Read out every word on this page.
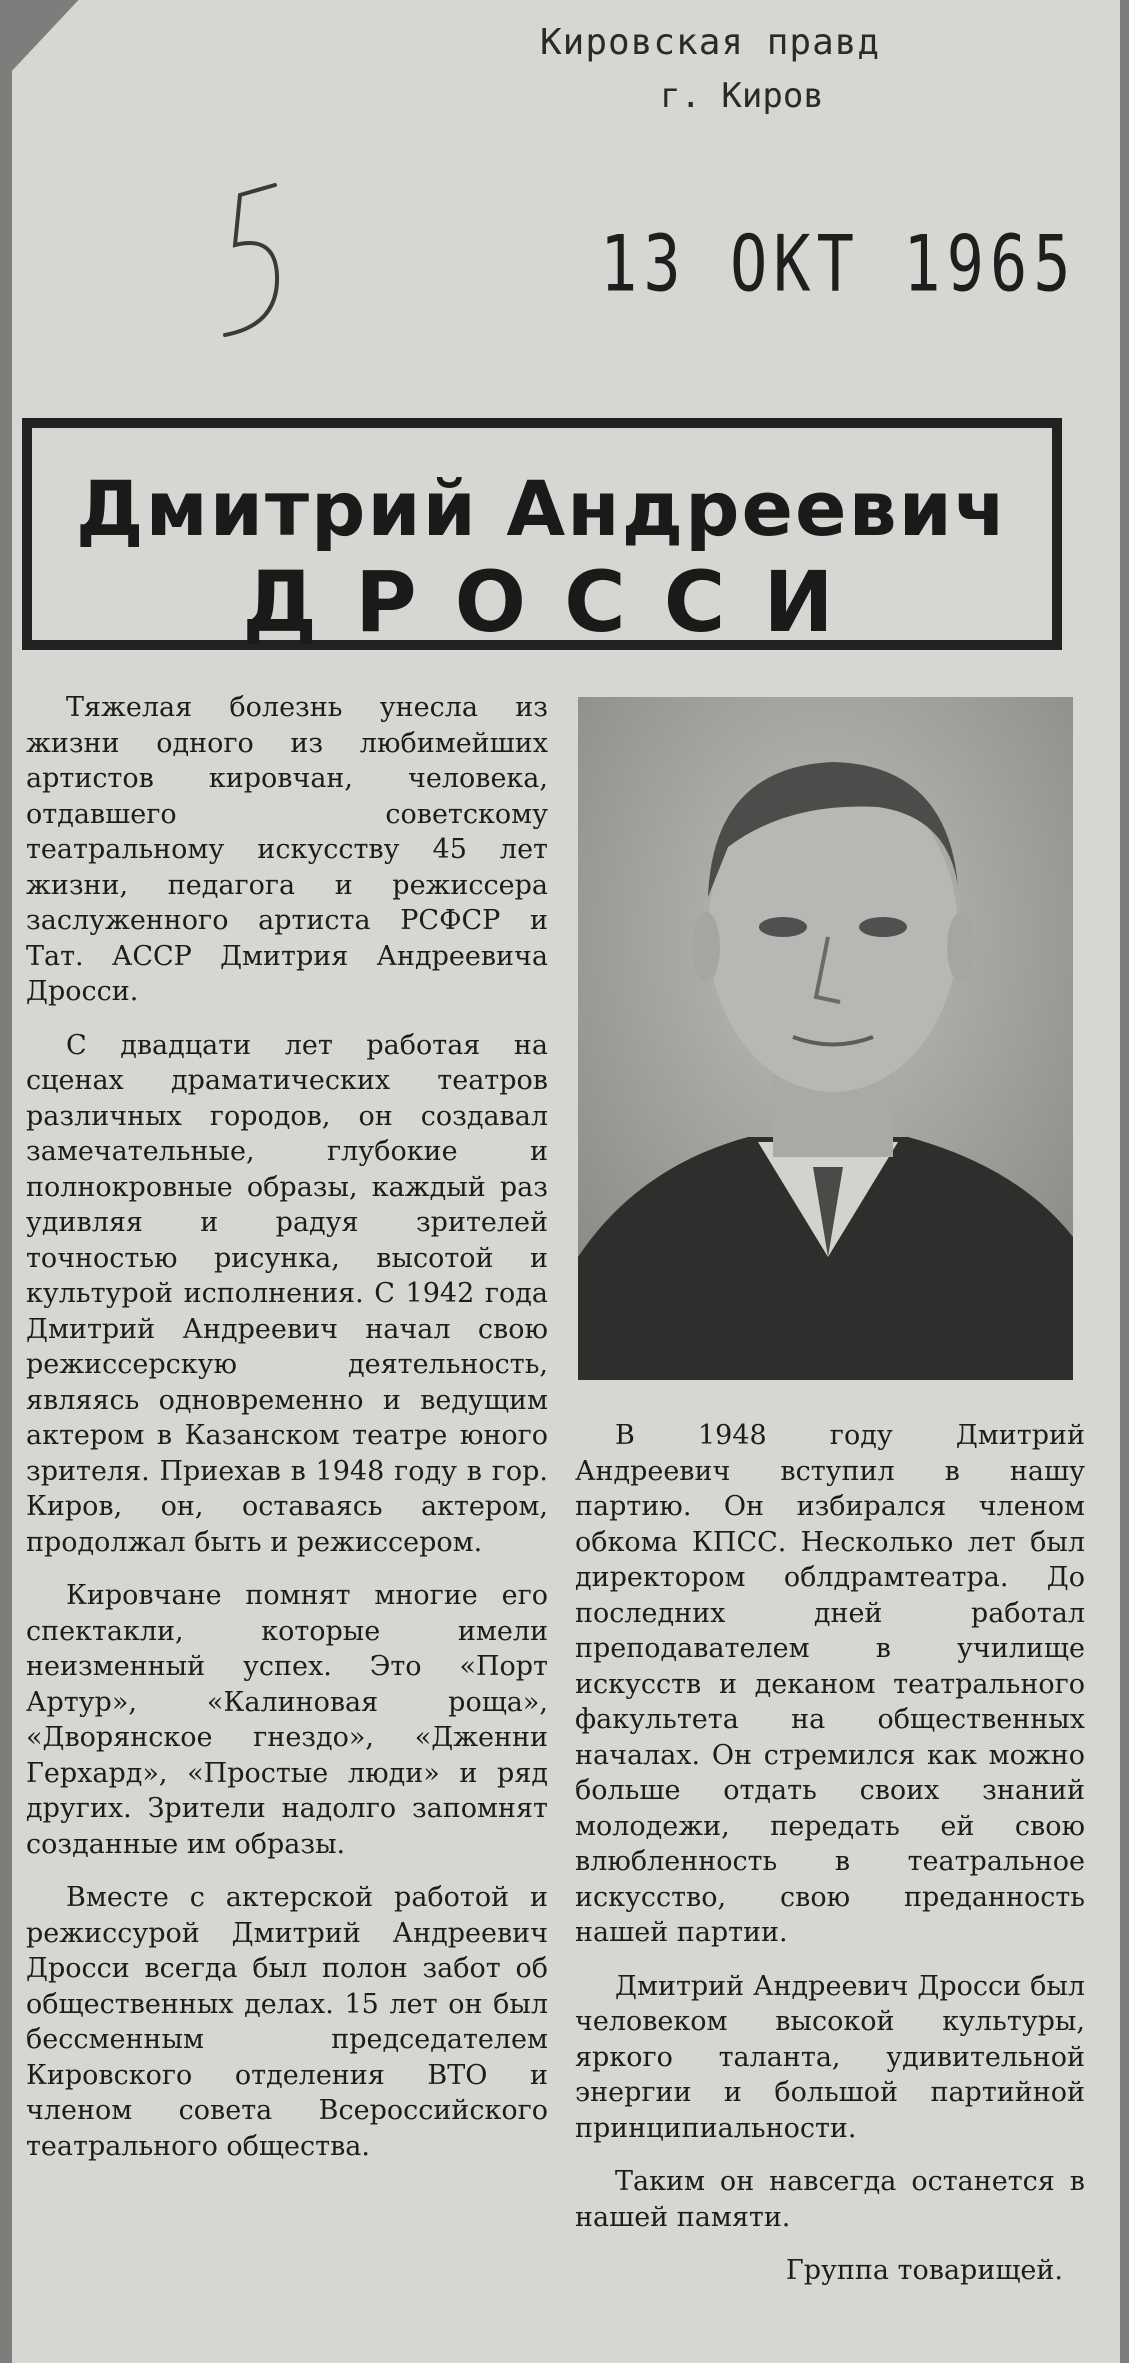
Кировская правд
г. Киров
13 ОКТ 1965
Дмитрий Андреевич
ДРОССИ

Тяжелая болезнь унесла из жизни одного из любимейших артистов кировчан, человека, отдавшего советскому театральному искусству 45 лет жизни, педагога и режиссера заслуженного артиста РСФСР и Тат. АССР Дмитрия Андреевича Дросси.

С двадцати лет работая на сценах драматических театров различных городов, он создавал замечательные, глубокие и полнокровные образы, каждый раз удивляя и радуя зрителей точностью рисунка, высотой и культурой исполнения. С 1942 года Дмитрий Андреевич начал свою режиссерскую деятельность, являясь одновременно и ведущим актером в Казанском театре юного зрителя. Приехав в 1948 году в гор. Киров, он, оставаясь актером, продолжал быть и режиссером.

Кировчане помнят многие его спектакли, которые имели неизменный успех. Это «Порт Артур», «Калиновая роща», «Дворянское гнездо», «Дженни Герхард», «Простые люди» и ряд других. Зрители надолго запомнят созданные им образы.

Вместе с актерской работой и режиссурой Дмитрий Андреевич Дросси всегда был полон забот об общественных делах. 15 лет он был бессменным председателем Кировского отделения ВТО и членом совета Всероссийского театрального общества.

В 1948 году Дмитрий Андреевич вступил в нашу партию. Он избирался членом обкома КПСС. Несколько лет был директором облдрамтеатра. До последних дней работал преподавателем в училище искусств и деканом театрального факультета на общественных началах. Он стремился как можно больше отдать своих знаний молодежи, передать ей свою влюбленность в театральное искусство, свою преданность нашей партии.

Дмитрий Андреевич Дросси был человеком высокой культуры, яркого таланта, удивительной энергии и большой партийной принципиальности.

Таким он навсегда останется в нашей памяти.

Группа товарищей.
